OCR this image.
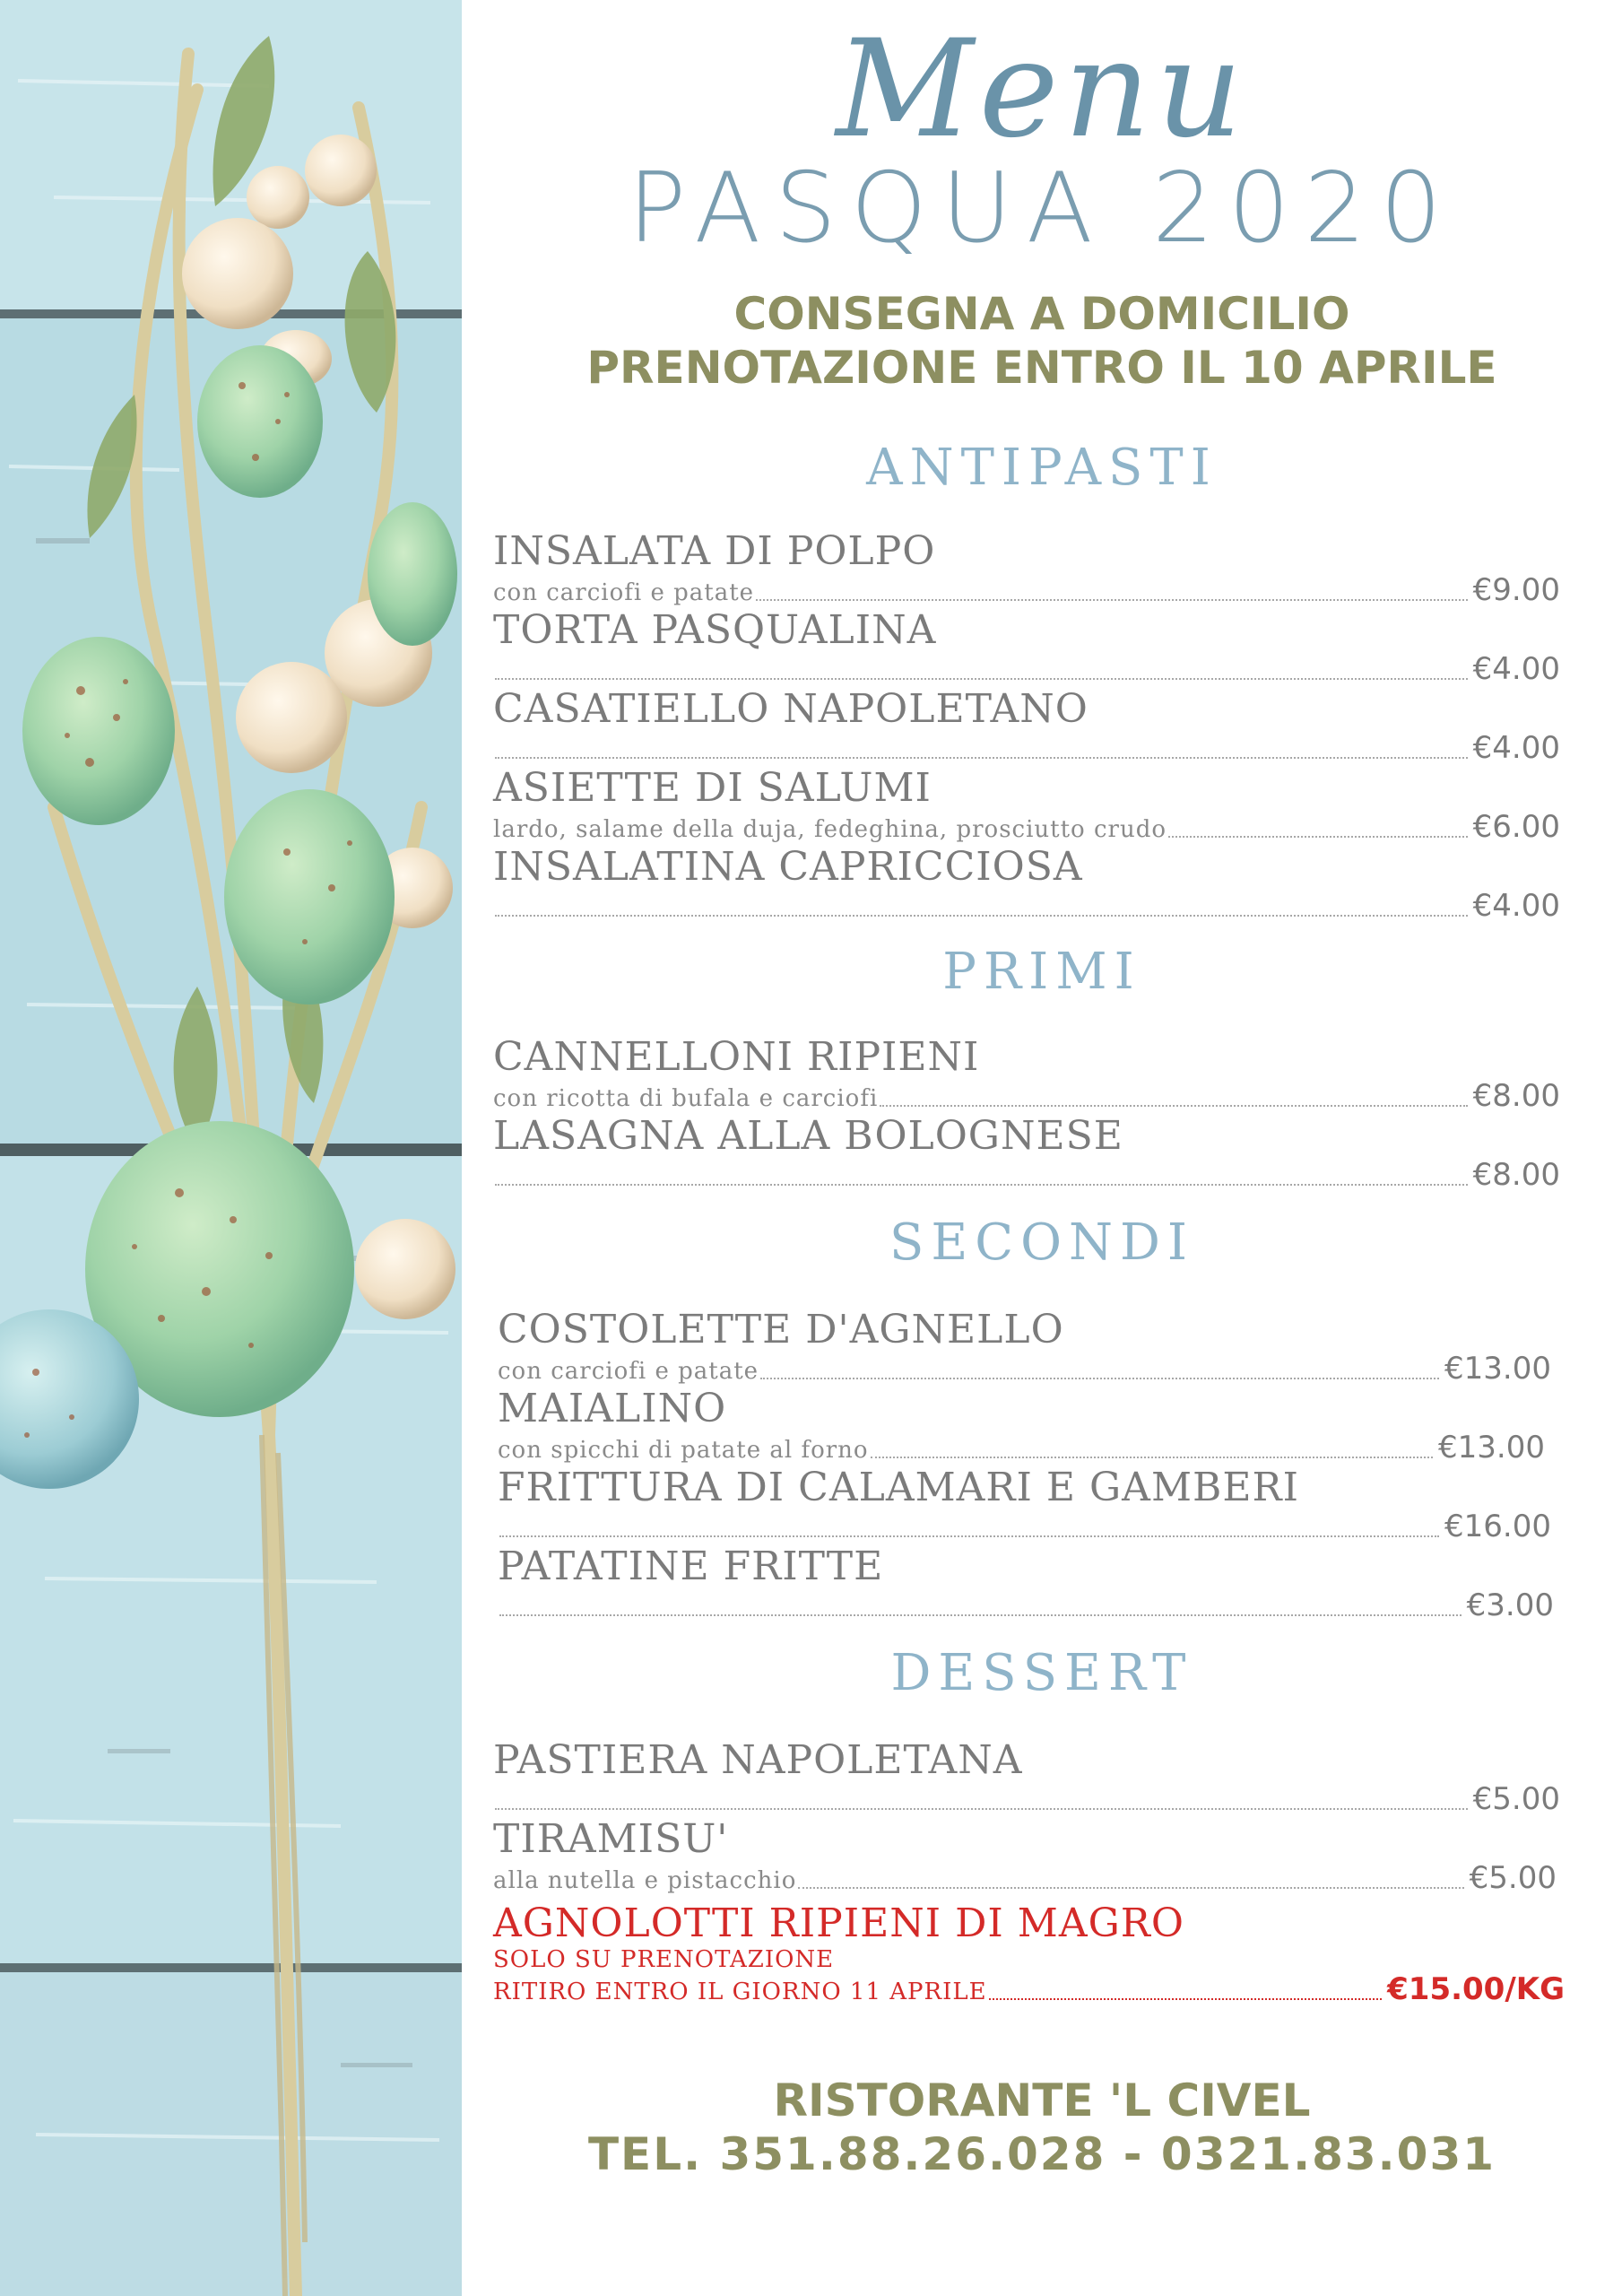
Menu
PASQUA 2020
CONSEGNA A DOMICILIO
PRENOTAZIONE ENTRO IL 10 APRILE
ANTIPASTI
INSALATA DI POLPO
con carciofi e patate	€9.00
TORTA PASQUALINA
€4.00
CASATIELLO NAPOLETANO
€4.00
ASIETTE DI SALUMI
lardo, salame della duja, fedeghina, prosciutto crudo	€6.00
INSALATINA CAPRICCIOSA
€4.00
PRIMI
CANNELLONI RIPIENI
con ricotta di bufala e carciofi	€8.00
LASAGNA ALLA BOLOGNESE
€8.00
SECONDI
COSTOLETTE D'AGNELLO
con carciofi e patate	€13.00
MAIALINO
con spicchi di patate al forno	€13.00
FRITTURA DI CALAMARI E GAMBERI
€16.00
PATATINE FRITTE
€3.00
DESSERT
PASTIERA NAPOLETANA
€5.00
TIRAMISU'
alla nutella e pistacchio	€5.00
AGNOLOTTI RIPIENI DI MAGRO
SOLO SU PRENOTAZIONE
RITIRO ENTRO IL GIORNO 11 APRILE	€15.00/KG
RISTORANTE 'L CIVEL
TEL. 351.88.26.028 - 0321.83.031
